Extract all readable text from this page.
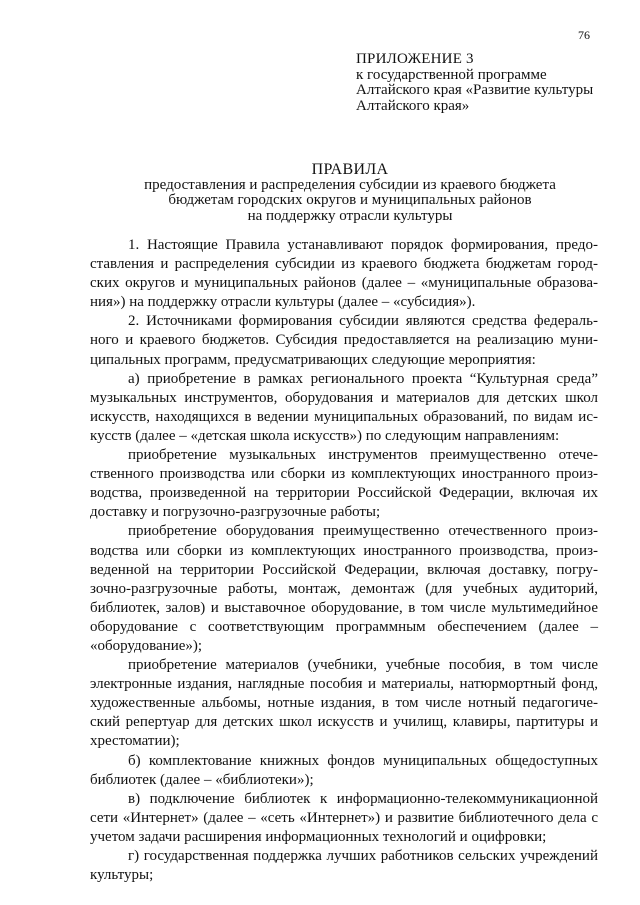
76
ПРИЛОЖЕНИЕ 3
к государственной программе
Алтайского края «Развитие культуры
Алтайского края»
ПРАВИЛА
предоставления и распределения субсидии из краевого бюджета
бюджетам городских округов и муниципальных районов
на поддержку отрасли культуры

1. Настоящие Правила устанавливают порядок формирования, предоставления и распределения субсидии из краевого бюджета бюджетам городских округов и муниципальных районов (далее – «муниципальные образования») на поддержку отрасли культуры (далее – «субсидия»).

2. Источниками формирования субсидии являются средства федерального и краевого бюджетов. Субсидия предоставляется на реализацию муниципальных программ, предусматривающих следующие мероприятия:

а) приобретение в рамках регионального проекта “Культурная среда” музыкальных инструментов, оборудования и материалов для детских школ искусств, находящихся в ведении муниципальных образований, по видам искусств (далее – «детская школа искусств») по следующим направлениям:

приобретение музыкальных инструментов преимущественно отечественного производства или сборки из комплектующих иностранного производства, произведенной на территории Российской Федерации, включая их доставку и погрузочно-разгрузочные работы;

приобретение оборудования преимущественно отечественного производства или сборки из комплектующих иностранного производства, произведенной на территории Российской Федерации, включая доставку, погрузочно-разгрузочные работы, монтаж, демонтаж (для учебных аудиторий, библиотек, залов) и выставочное оборудование, в том числе мультимедийное оборудование с соответствующим программным обеспечением (далее – «оборудование»);

приобретение материалов (учебники, учебные пособия, в том числе электронные издания, наглядные пособия и материалы, натюрмортный фонд, художественные альбомы, нотные издания, в том числе нотный педагогический репертуар для детских школ искусств и училищ, клавиры, партитуры и хрестоматии);

б) комплектование книжных фондов муниципальных общедоступных библиотек (далее – «библиотеки»);

в) подключение библиотек к информационно-телекоммуникационной сети «Интернет» (далее – «сеть «Интернет») и развитие библиотечного дела с учетом задачи расширения информационных технологий и оцифровки;

г) государственная поддержка лучших работников сельских учреждений культуры;
